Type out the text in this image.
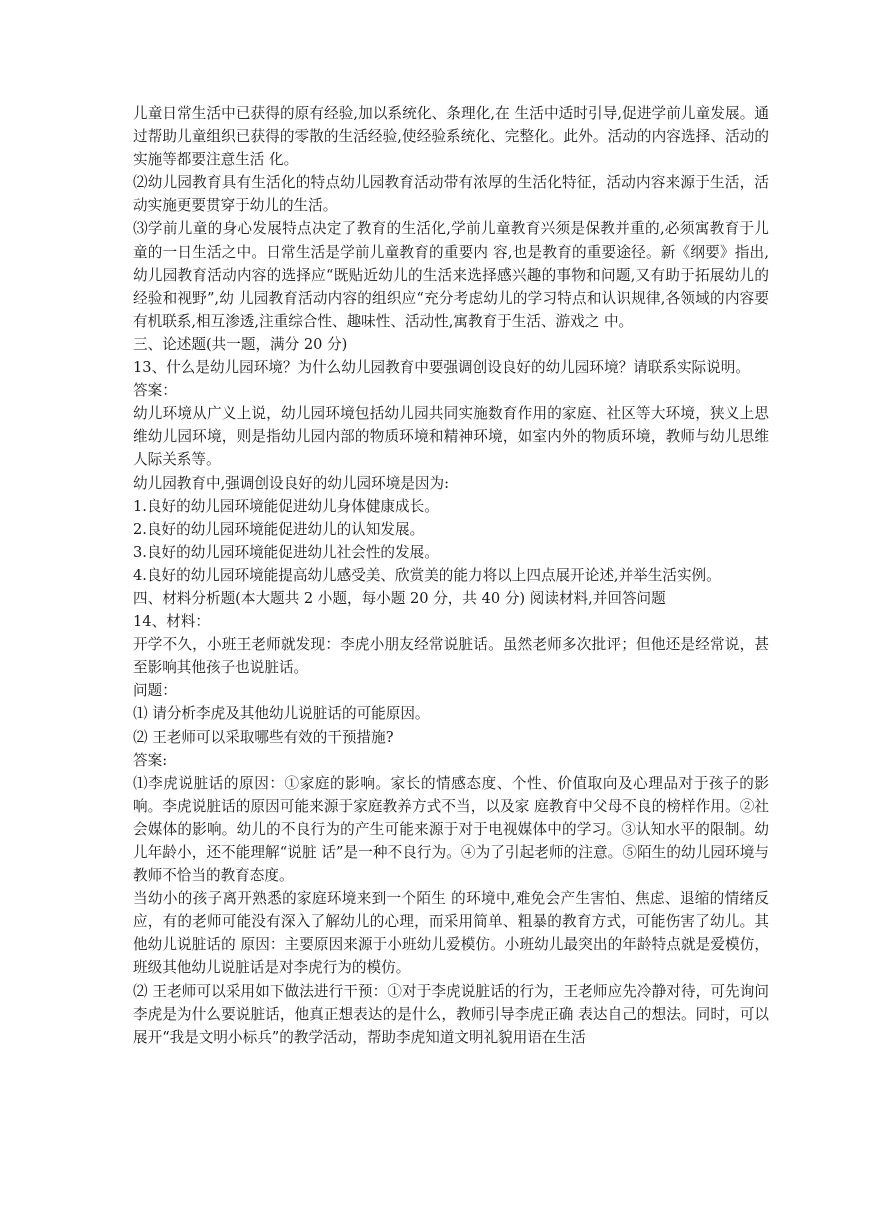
儿童日常生活中已获得的原有经验,加以系统化、条理化,在 生活中适时引导,促进学前儿童发展。通过帮助儿童组织已获得的零散的生活经验,使经验系统化、完整化。此外。活动的内容选择、活动的实施等都要注意生活 化。

⑵幼儿园教育具有生活化的特点幼儿园教育活动带有浓厚的生活化特征，活动内容来源于生活，活动实施更要贯穿于幼儿的生活。

⑶学前儿童的身心发展特点决定了教育的生活化,学前儿童教育兴须是保教并重的,必须寓教育于儿童的一日生活之中。日常生活是学前儿童教育的重要内 容,也是教育的重要途径。新《纲要》指出,幼儿园教育活动内容的选择应“既贴近幼儿的生活来选择感兴趣的事物和问题,又有助于拓展幼儿的经验和视野”,幼 儿园教育活动内容的组织应“充分考虑幼儿的学习特点和认识规律,各领域的内容要有机联系,相互渗透,注重综合性、趣味性、活动性,寓教育于生活、游戏之 中。

三、论述题(共一题，满分 20 分)

13、什么是幼儿园环境？为什么幼儿园教育中要强调创设良好的幼儿园环境？请联系实际说明。

答案：

幼儿环境从广义上说，幼儿园环境包括幼儿园共同实施数育作用的家庭、社区等大环境，狭义上思维幼儿园环境，则是指幼儿园内部的物质环境和精神环境，如室内外的物质环境，教师与幼儿思维人际关系等。

幼儿园教育中,强调创设良好的幼儿园环境是因为:

1.良好的幼儿园环境能促进幼儿身体健康成长。

2.良好的幼儿园环境能促进幼儿的认知发展。

3.良好的幼儿园环境能促进幼儿社会性的发展。

4.良好的幼儿园环境能提高幼儿感受美、欣赏美的能力将以上四点展开论述,并举生活实例。

四、材料分析题(本大题共 2 小题，每小题 20 分，共 40 分) 阅读材料,并回答问题

14、材料：

开学不久，小班王老师就发现：李虎小朋友经常说脏话。虽然老师多次批评；但他还是经常说，甚至影响其他孩子也说脏话。

问题：

⑴ 请分析李虎及其他幼儿说脏话的可能原因。

⑵ 王老师可以采取哪些有效的干预措施?

答案:

⑴李虎说脏话的原因：①家庭的影响。家长的情感态度、个性、价值取向及心理品对于孩子的影响。李虎说脏话的原因可能来源于家庭教养方式不当，以及家 庭教育中父母不良的榜样作用。②社会媒体的影响。幼儿的不良行为的产生可能来源于对于电视媒体中的学习。③认知水平的限制。幼儿年龄小，还不能理解“说脏 话”是一种不良行为。④为了引起老师的注意。⑤陌生的幼儿园环境与教师不恰当的教育态度。

当幼小的孩子离开熟悉的家庭环境来到一个陌生 的环境中,难免会产生害怕、焦虑、退缩的情绪反应，有的老师可能没有深入了解幼儿的心理，而采用简单、粗暴的教育方式，可能伤害了幼儿。其他幼儿说脏话的 原因：主要原因来源于小班幼儿爱模仿。小班幼儿最突出的年龄特点就是爱模仿，班级其他幼儿说脏话是对李虎行为的模仿。

⑵ 王老师可以采用如下做法进行干预：①对于李虎说脏话的行为，王老师应先冷静对待，可先询问李虎是为什么要说脏话，他真正想表达的是什么，教师引导李虎正确 表达自己的想法。同时，可以展开“我是文明小标兵”的教学活动，帮助李虎知道文明礼貌用语在生活
